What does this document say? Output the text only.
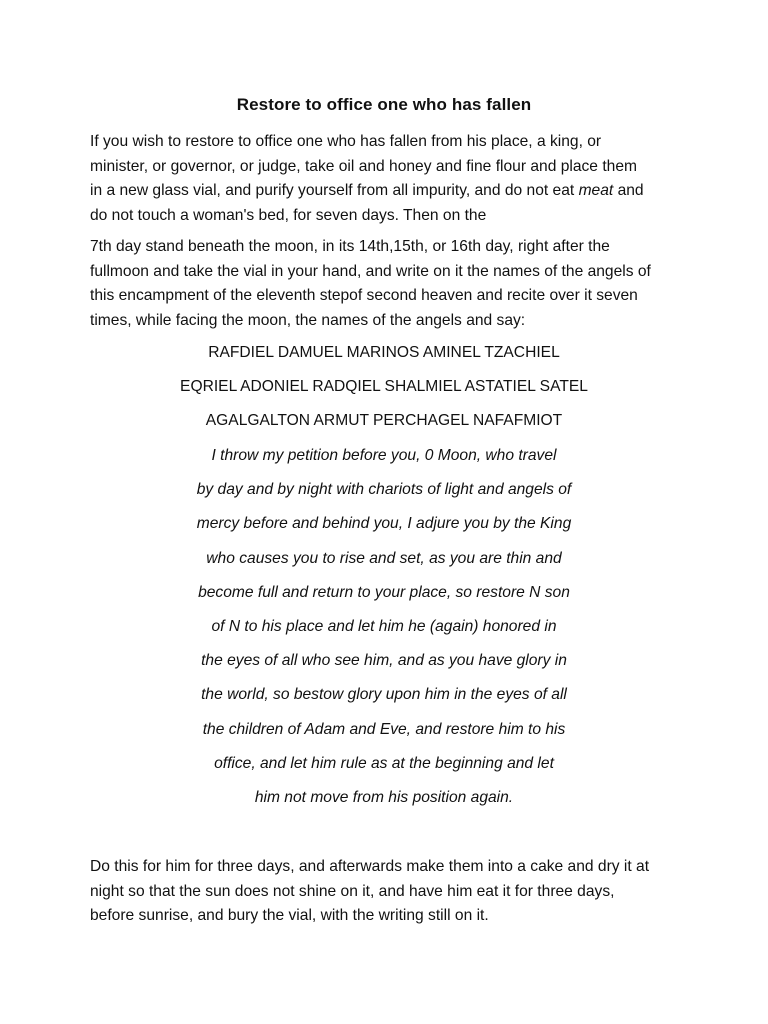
Restore to office one who has fallen
If you wish to restore to office one who has fallen from his place, a king, or
minister, or governor, or judge, take oil and honey and fine flour and place them
in a new glass vial, and purify yourself from all impurity, and do not eat meat and
do not touch a woman's bed, for seven days. Then on the
7th day stand beneath the moon, in its 14th,15th, or 16th day, right after the
fullmoon and take the vial in your hand, and write on it the names of the angels of
this encampment of the eleventh stepof second heaven and recite over it seven
times, while facing the moon, the names of the angels and say:
RAFDIEL DAMUEL MARINOS AMINEL TZACHIEL
EQRIEL ADONIEL RADQIEL SHALMIEL ASTATIEL SATEL
AGALGALTON ARMUT PERCHAGEL NAFAFMIOT
I throw my petition before you, 0 Moon, who travel
by day and by night with chariots of light and angels of
mercy before and behind you, I adjure you by the King
who causes you to rise and set, as you are thin and
become full and return to your place, so restore N son
of N to his place and let him he (again) honored in
the eyes of all who see him, and as you have glory in
the world, so bestow glory upon him in the eyes of all
the children of Adam and Eve, and restore him to his
office, and let him rule as at the beginning and let
him not move from his position again.
Do this for him for three days, and afterwards make them into a cake and dry it at
night so that the sun does not shine on it, and have him eat it for three days,
before sunrise, and bury the vial, with the writing still on it.
